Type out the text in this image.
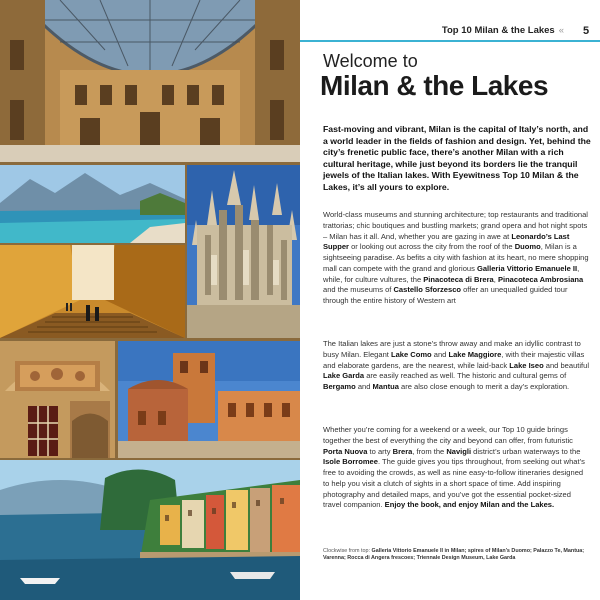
Top 10 Milan & the Lakes «	5
Welcome to
Milan & the Lakes
Fast-moving and vibrant, Milan is the capital of Italy’s north, and a world leader in the fields of fashion and design. Yet, behind the city’s frenetic public face, there’s another Milan with a rich cultural heritage, while just beyond its borders lie the tranquil jewels of the Italian lakes. With Eyewitness Top 10 Milan & the Lakes, it’s all yours to explore.
World-class museums and stunning architecture; top restaurants and traditional trattorias; chic boutiques and bustling markets; grand opera and hot night spots – Milan has it all. And, whether you are gazing in awe at Leonardo’s Last Supper or looking out across the city from the roof of the Duomo, Milan is a sightseeing paradise. As befits a city with fashion at its heart, no mere shopping mall can compete with the grand and glorious Galleria Vittorio Emanuele II, while, for culture vultures, the Pinacoteca di Brera, Pinacoteca Ambrosiana and the museums of Castello Sforzesco offer an unequalled guided tour through the entire history of Western art
The Italian lakes are just a stone’s throw away and make an idyllic contrast to busy Milan. Elegant Lake Como and Lake Maggiore, with their majestic villas and elaborate gardens, are the nearest, while laid-back Lake Iseo and beautiful Lake Garda are easily reached as well. The historic and cultural gems of Bergamo and Mantua are also close enough to merit a day’s exploration.
Whether you’re coming for a weekend or a week, our Top 10 guide brings together the best of everything the city and beyond can offer, from futuristic Porta Nuova to arty Brera, from the Navigli district’s urban waterways to the Isole Borromee. The guide gives you tips throughout, from seeking out what’s free to avoiding the crowds, as well as nine easy-to-follow itineraries designed to help you visit a clutch of sights in a short space of time. Add inspiring photography and detailed maps, and you’ve got the essential pocket-sized travel companion. Enjoy the book, and enjoy Milan and the Lakes.
Clockwise from top: Galleria Vittorio Emanuele II in Milan; spires of Milan’s Duomo; Palazzo Te, Mantua; Varenna; Rocca di Angera frescoes; Triennale Design Museum, Lake Garda
